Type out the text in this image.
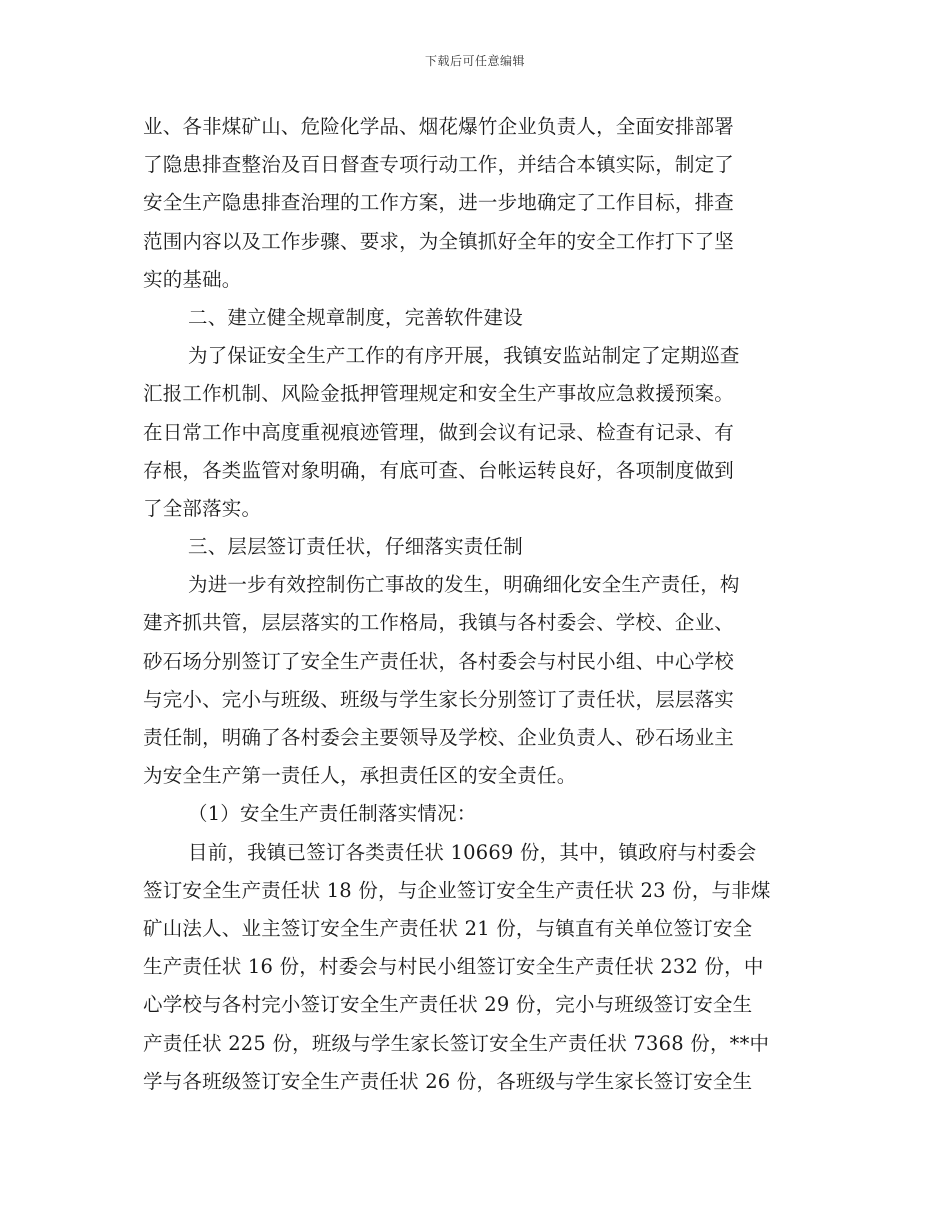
下载后可任意编辑
业、各非煤矿山、危险化学品、烟花爆竹企业负责人，全面安排部署
了隐患排查整治及百日督查专项行动工作，并结合本镇实际，制定了
安全生产隐患排查治理的工作方案，进一步地确定了工作目标，排查
范围内容以及工作步骤、要求，为全镇抓好全年的安全工作打下了坚
实的基础。
二、建立健全规章制度，完善软件建设
为了保证安全生产工作的有序开展，我镇安监站制定了定期巡查
汇报工作机制、风险金抵押管理规定和安全生产事故应急救援预案。
在日常工作中高度重视痕迹管理，做到会议有记录、检查有记录、有
存根，各类监管对象明确，有底可查、台帐运转良好，各项制度做到
了全部落实。
三、层层签订责任状，仔细落实责任制
为进一步有效控制伤亡事故的发生，明确细化安全生产责任，构
建齐抓共管，层层落实的工作格局，我镇与各村委会、学校、企业、
砂石场分别签订了安全生产责任状，各村委会与村民小组、中心学校
与完小、完小与班级、班级与学生家长分别签订了责任状，层层落实
责任制，明确了各村委会主要领导及学校、企业负责人、砂石场业主
为安全生产第一责任人，承担责任区的安全责任。
（1）安全生产责任制落实情况：
目前，我镇已签订各类责任状 10669 份，其中，镇政府与村委会
签订安全生产责任状 18 份，与企业签订安全生产责任状 23 份，与非煤
矿山法人、业主签订安全生产责任状 21 份，与镇直有关单位签订安全
生产责任状 16 份，村委会与村民小组签订安全生产责任状 232 份，中
心学校与各村完小签订安全生产责任状 29 份，完小与班级签订安全生
产责任状 225 份，班级与学生家长签订安全生产责任状 7368 份，**中
学与各班级签订安全生产责任状 26 份，各班级与学生家长签订安全生
